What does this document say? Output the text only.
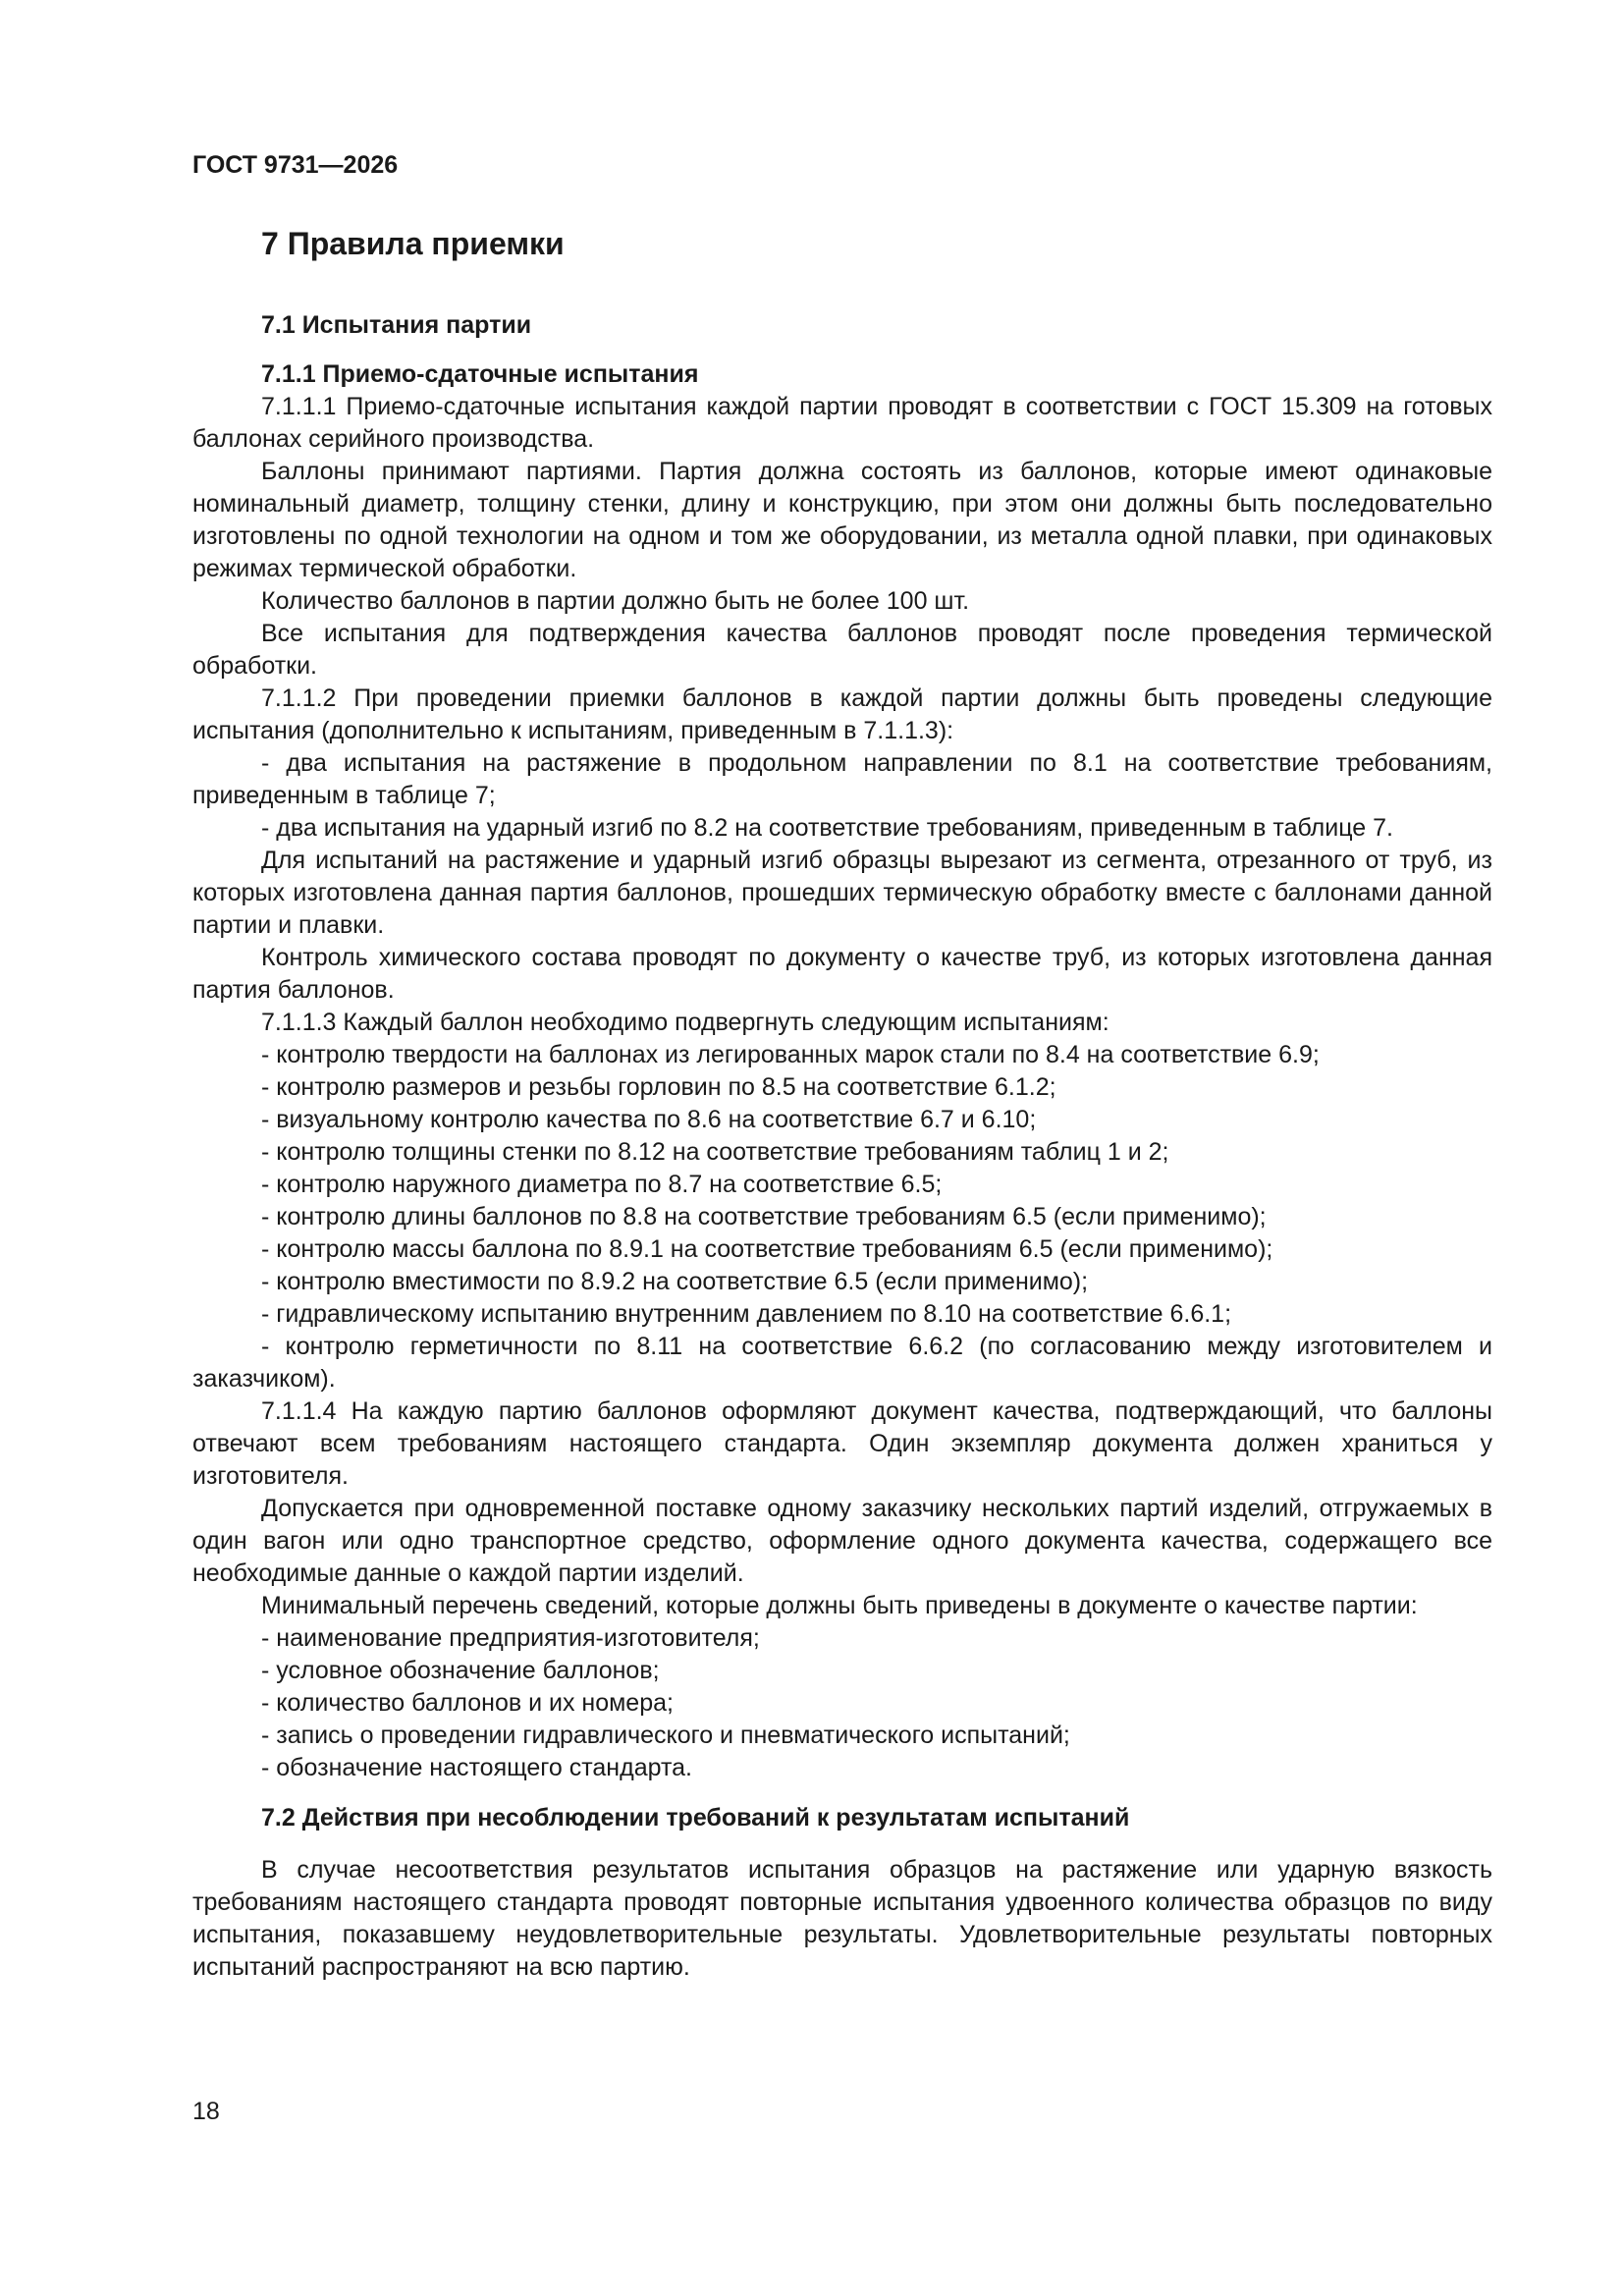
ГОСТ 9731—2026
7 Правила приемки
7.1 Испытания партии
7.1.1 Приемо-сдаточные испытания

7.1.1.1 Приемо-сдаточные испытания каждой партии проводят в соответствии с ГОСТ 15.309 на готовых баллонах серийного производства.

Баллоны принимают партиями. Партия должна состоять из баллонов, которые имеют одинаковые номинальный диаметр, толщину стенки, длину и конструкцию, при этом они должны быть последовательно изготовлены по одной технологии на одном и том же оборудовании, из металла одной плавки, при одинаковых режимах термической обработки.

Количество баллонов в партии должно быть не более 100 шт.

Все испытания для подтверждения качества баллонов проводят после проведения термической обработки.

7.1.1.2 При проведении приемки баллонов в каждой партии должны быть проведены следующие испытания (дополнительно к испытаниям, приведенным в 7.1.1.3):

- два испытания на растяжение в продольном направлении по 8.1 на соответствие требованиям, приведенным в таблице 7;

- два испытания на ударный изгиб по 8.2 на соответствие требованиям, приведенным в таблице 7.

Для испытаний на растяжение и ударный изгиб образцы вырезают из сегмента, отрезанного от труб, из которых изготовлена данная партия баллонов, прошедших термическую обработку вместе с баллонами данной партии и плавки.

Контроль химического состава проводят по документу о качестве труб, из которых изготовлена данная партия баллонов.

7.1.1.3 Каждый баллон необходимо подвергнуть следующим испытаниям:

- контролю твердости на баллонах из легированных марок стали по 8.4 на соответствие 6.9;

- контролю размеров и резьбы горловин по 8.5 на соответствие 6.1.2;

- визуальному контролю качества по 8.6 на соответствие 6.7 и 6.10;

- контролю толщины стенки по 8.12 на соответствие требованиям таблиц 1 и 2;

- контролю наружного диаметра по 8.7 на соответствие 6.5;

- контролю длины баллонов по 8.8 на соответствие требованиям 6.5 (если применимо);

- контролю массы баллона по 8.9.1 на соответствие требованиям 6.5 (если применимо);

- контролю вместимости по 8.9.2 на соответствие 6.5 (если применимо);

- гидравлическому испытанию внутренним давлением по 8.10 на соответствие 6.6.1;

- контролю герметичности по 8.11 на соответствие 6.6.2 (по согласованию между изготовителем и заказчиком).

7.1.1.4 На каждую партию баллонов оформляют документ качества, подтверждающий, что баллоны отвечают всем требованиям настоящего стандарта. Один экземпляр документа должен храниться у изготовителя.

Допускается при одновременной поставке одному заказчику нескольких партий изделий, отгружаемых в один вагон или одно транспортное средство, оформление одного документа качества, содержащего все необходимые данные о каждой партии изделий.

Минимальный перечень сведений, которые должны быть приведены в документе о качестве партии:

- наименование предприятия-изготовителя;

- условное обозначение баллонов;

- количество баллонов и их номера;

- запись о проведении гидравлического и пневматического испытаний;

- обозначение настоящего стандарта.

7.2 Действия при несоблюдении требований к результатам испытаний

В случае несоответствия результатов испытания образцов на растяжение или ударную вязкость требованиям настоящего стандарта проводят повторные испытания удвоенного количества образцов по виду испытания, показавшему неудовлетворительные результаты. Удовлетворительные результаты повторных испытаний распространяют на всю партию.

18
